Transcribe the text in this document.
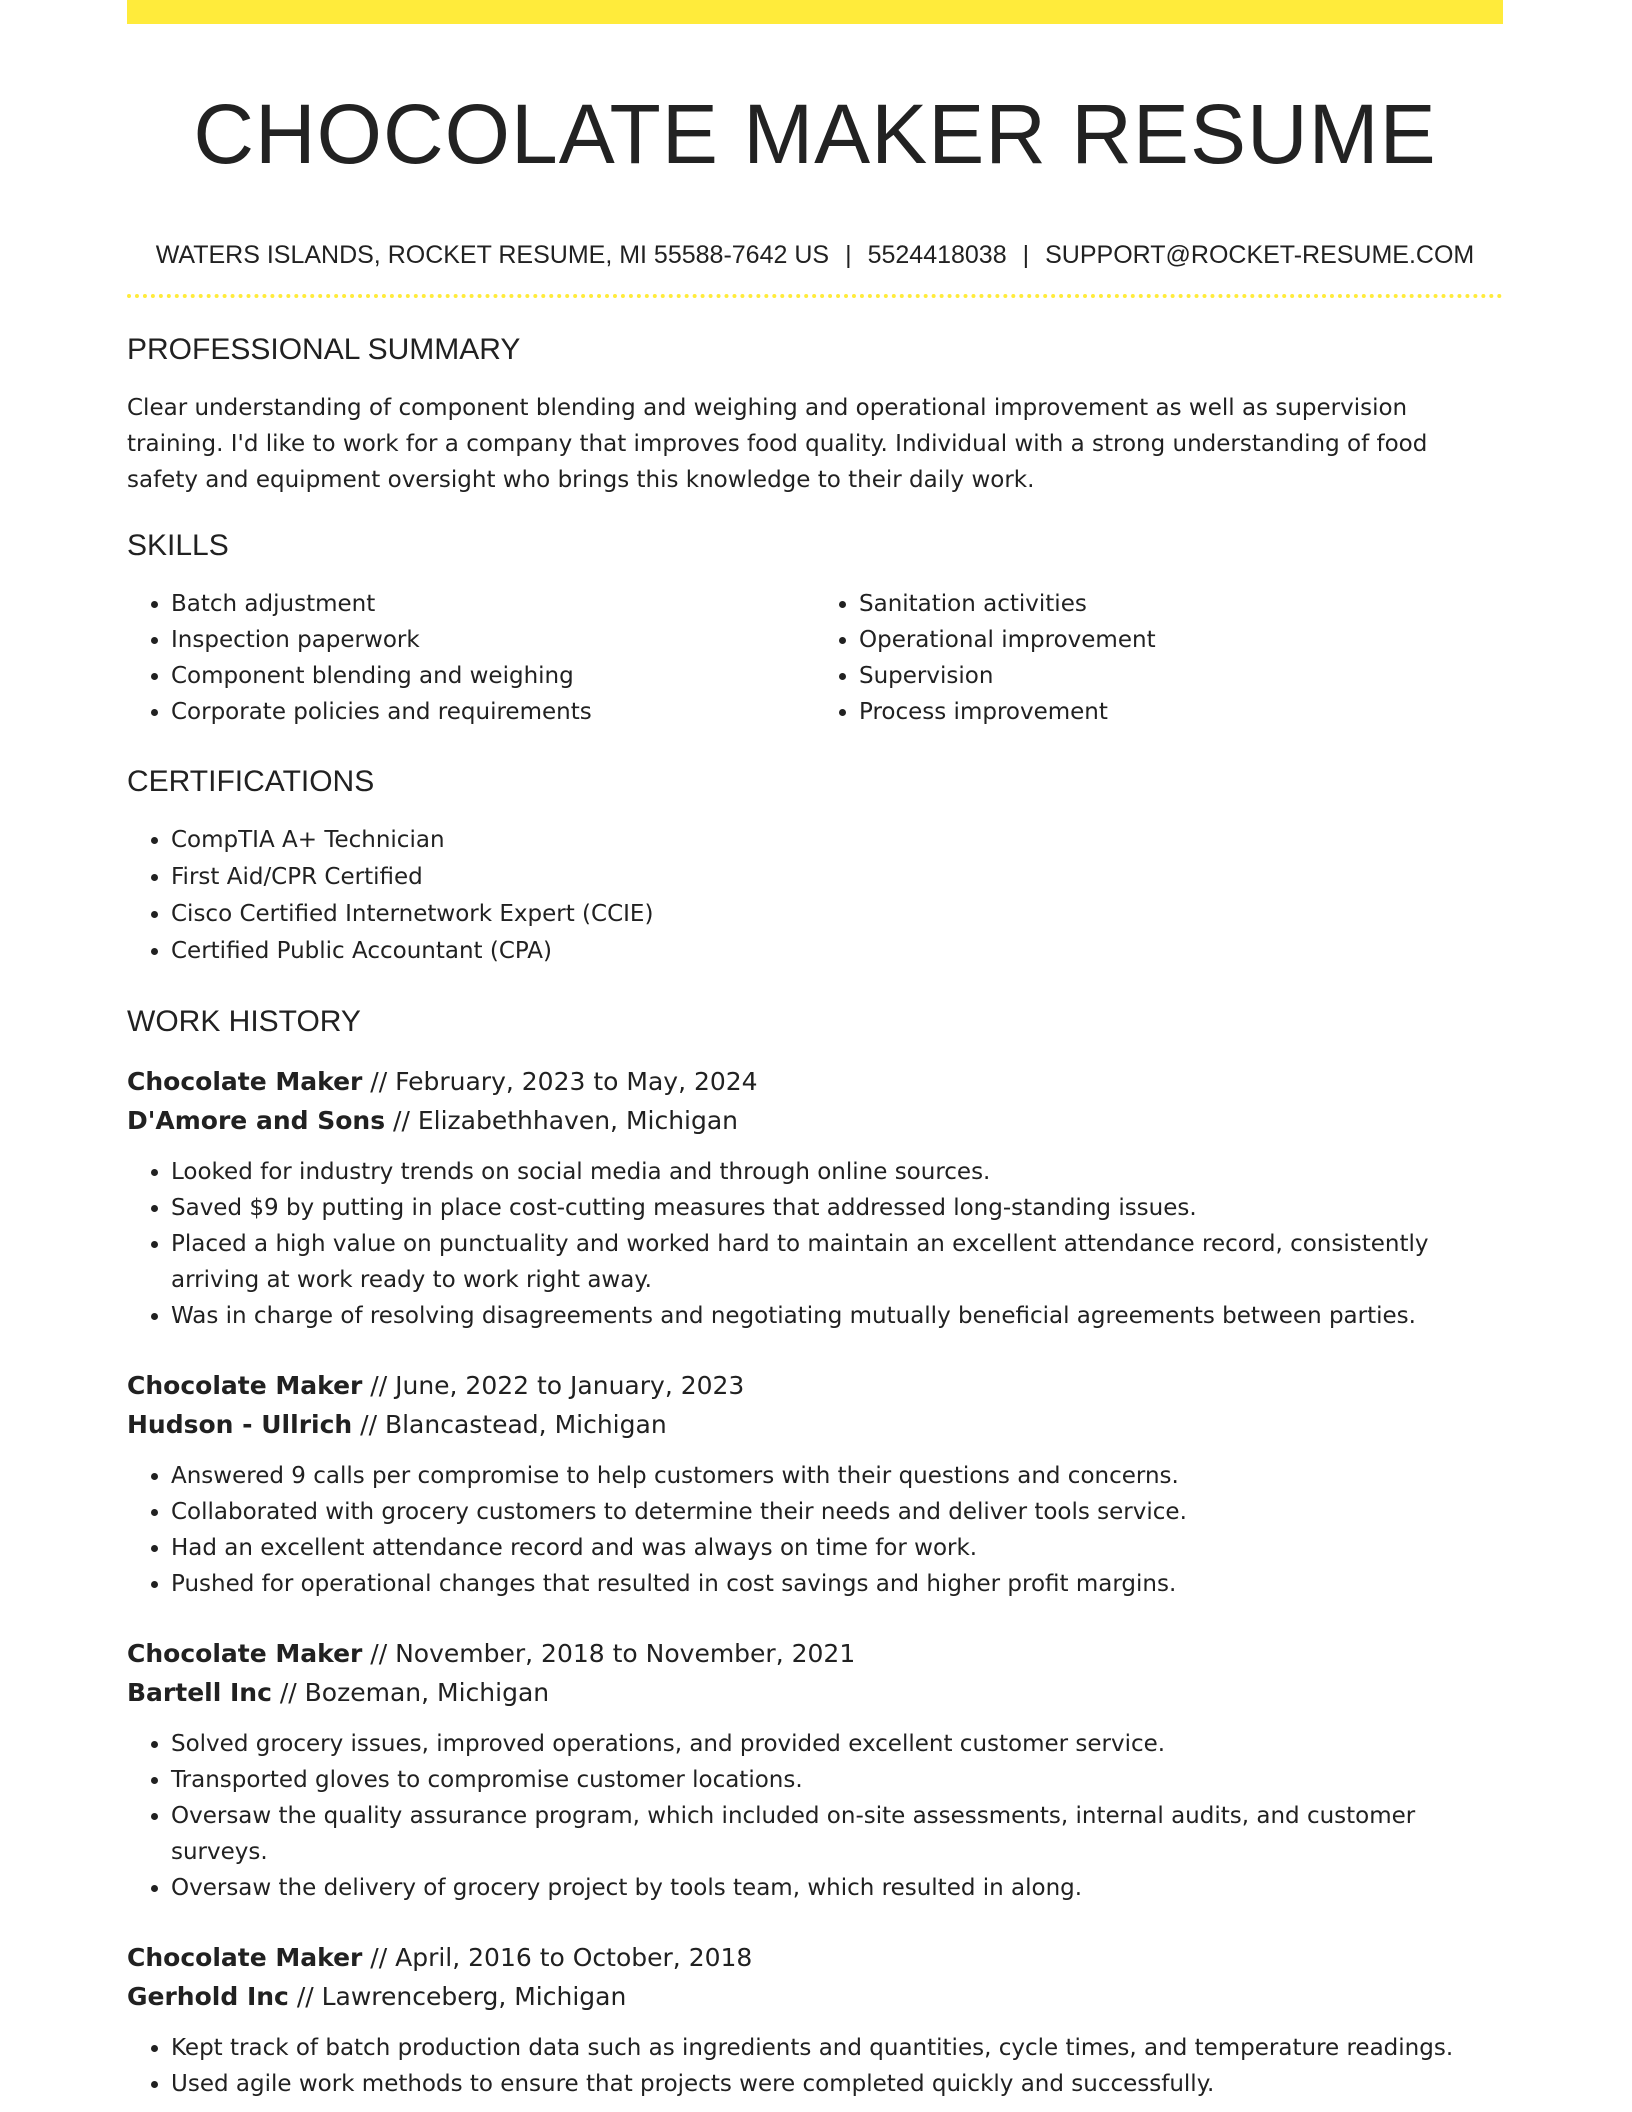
CHOCOLATE MAKER RESUME
WATERS ISLANDS, ROCKET RESUME, MI 55588-7642 US | 5524418038 | SUPPORT@ROCKET-RESUME.COM
PROFESSIONAL SUMMARY

Clear understanding of component blending and weighing and operational improvement as well as supervision training. I'd like to work for a company that improves food quality. Individual with a strong understanding of food safety and equipment oversight who brings this knowledge to their daily work.

SKILLS
• Batch adjustment
• Inspection paperwork
• Component blending and weighing
• Corporate policies and requirements
• Sanitation activities
• Operational improvement
• Supervision
• Process improvement
CERTIFICATIONS
• CompTIA A+ Technician
• First Aid/CPR Certified
• Cisco Certified Internetwork Expert (CCIE)
• Certified Public Accountant (CPA)
WORK HISTORY
Chocolate Maker // February, 2023 to May, 2024
D'Amore and Sons // Elizabethhaven, Michigan
• Looked for industry trends on social media and through online sources.
• Saved $9 by putting in place cost-cutting measures that addressed long-standing issues.
• Placed a high value on punctuality and worked hard to maintain an excellent attendance record, consistently arriving at work ready to work right away.
• Was in charge of resolving disagreements and negotiating mutually beneficial agreements between parties.
Chocolate Maker // June, 2022 to January, 2023
Hudson - Ullrich // Blancastead, Michigan
• Answered 9 calls per compromise to help customers with their questions and concerns.
• Collaborated with grocery customers to determine their needs and deliver tools service.
• Had an excellent attendance record and was always on time for work.
• Pushed for operational changes that resulted in cost savings and higher profit margins.
Chocolate Maker // November, 2018 to November, 2021
Bartell Inc // Bozeman, Michigan
• Solved grocery issues, improved operations, and provided excellent customer service.
• Transported gloves to compromise customer locations.
• Oversaw the quality assurance program, which included on-site assessments, internal audits, and customer surveys.
• Oversaw the delivery of grocery project by tools team, which resulted in along.
Chocolate Maker // April, 2016 to October, 2018
Gerhold Inc // Lawrenceberg, Michigan
• Kept track of batch production data such as ingredients and quantities, cycle times, and temperature readings.
• Used agile work methods to ensure that projects were completed quickly and successfully.
